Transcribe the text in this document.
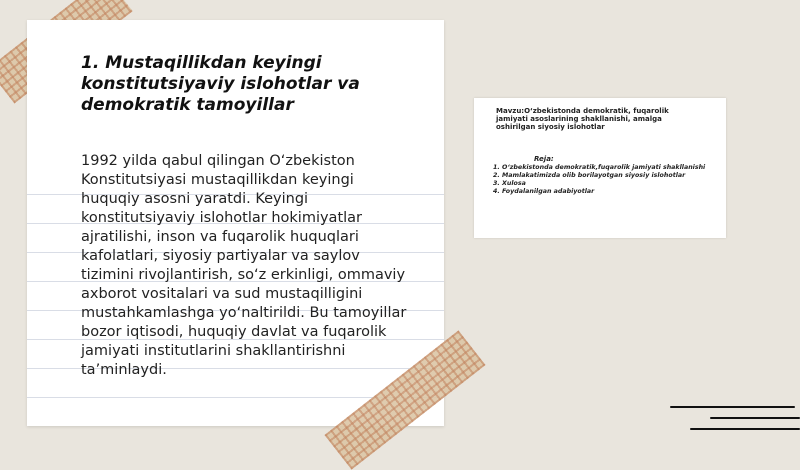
1. Mustaqillikdan keyingi konstitutsiyaviy islohotlar va demokratik tamoyillar

1992 yilda qabul qilingan O‘zbekiston Konstitutsiyasi mustaqillikdan keyingi huquqiy asosni yaratdi. Keyingi konstitutsiyaviy islohotlar hokimiyatlar ajratilishi, inson va fuqarolik huquqlari kafolatlari, siyosiy partiyalar va saylov tizimini rivojlantirish, so‘z erkinligi, ommaviy axborot vositalari va sud mustaqilligini mustahkamlashga yo‘naltirildi. Bu tamoyillar bozor iqtisodi, huquqiy davlat va fuqarolik jamiyati institutlarini shakllantirishni ta’minlaydi.

Mavzu:O‘zbekistonda demokratik, fuqarolik jamiyati asoslarining shakllanishi, amalga oshirilgan siyosiy islohotlar

Reja:
1. O‘zbekistonda demokratik,fuqarolik jamiyati shakllanishi
2. Mamlakatimizda olib borilayotgan siyosiy islohotlar
3. Xulosa
4. Foydalanilgan adabiyotlar
